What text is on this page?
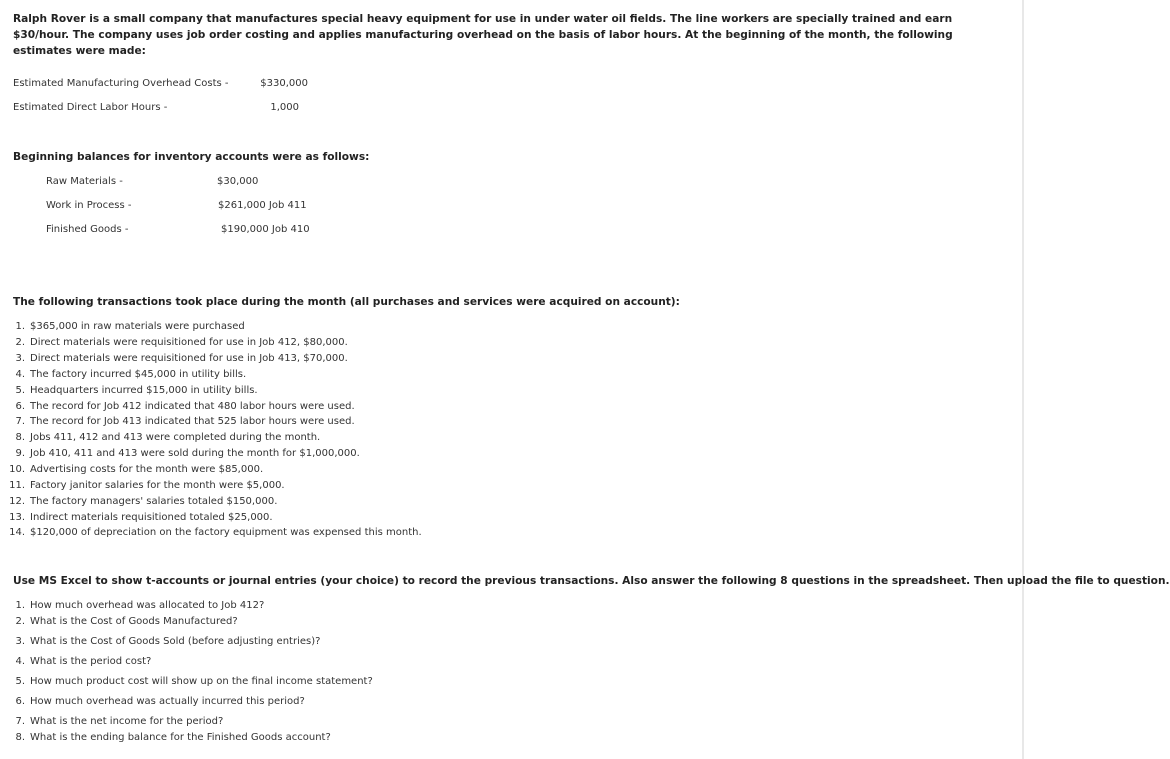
Ralph Rover is a small company that manufactures special heavy equipment for use in under water oil fields. The line workers are specially trained and earn $30/hour. The company uses job order costing and applies manufacturing overhead on the basis of labor hours. At the beginning of the month, the following estimates were made:
Estimated Manufacturing Overhead Costs -	$330,000
Estimated Direct Labor Hours -	1,000
Beginning balances for inventory accounts were as follows:
Raw Materials -	$30,000
Work in Process -	$261,000 Job 411
Finished Goods -	$190,000 Job 410
The following transactions took place during the month (all purchases and services were acquired on account):
1. $365,000 in raw materials were purchased
2. Direct materials were requisitioned for use in Job 412, $80,000.
3. Direct materials were requisitioned for use in Job 413, $70,000.
4. The factory incurred $45,000 in utility bills.
5. Headquarters incurred $15,000 in utility bills.
6. The record for Job 412 indicated that 480 labor hours were used.
7. The record for Job 413 indicated that 525 labor hours were used.
8. Jobs 411, 412 and 413 were completed during the month.
9. Job 410, 411 and 413 were sold during the month for $1,000,000.
10. Advertising costs for the month were $85,000.
11. Factory janitor salaries for the month were $5,000.
12. The factory managers' salaries totaled $150,000.
13. Indirect materials requisitioned totaled $25,000.
14. $120,000 of depreciation on the factory equipment was expensed this month.
Use MS Excel to show t-accounts or journal entries (your choice) to record the previous transactions. Also answer the following 8 questions in the spreadsheet. Then upload the file to question.
1. How much overhead was allocated to Job 412?
2. What is the Cost of Goods Manufactured?
3. What is the Cost of Goods Sold (before adjusting entries)?
4. What is the period cost?
5. How much product cost will show up on the final income statement?
6. How much overhead was actually incurred this period?
7. What is the net income for the period?
8. What is the ending balance for the Finished Goods account?
